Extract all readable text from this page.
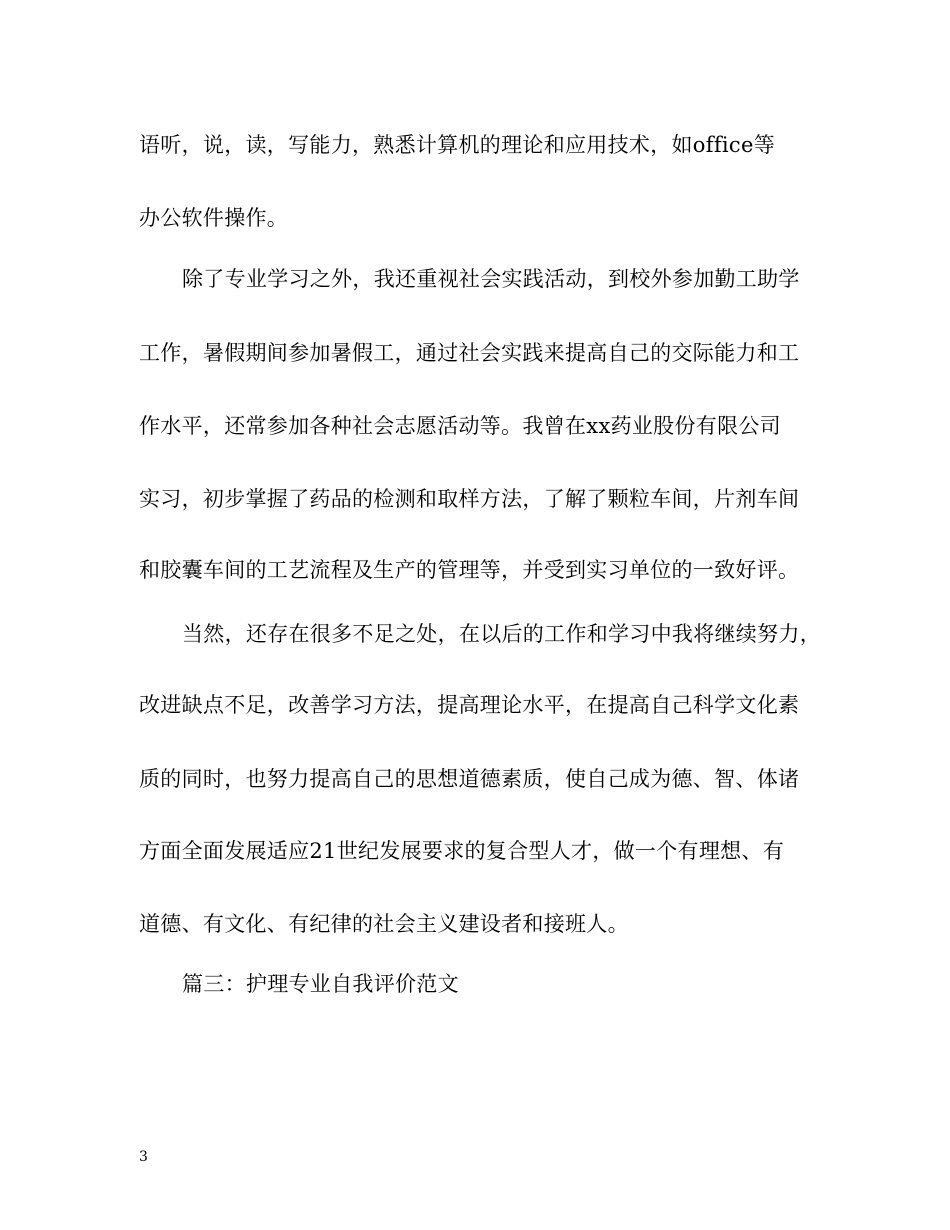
语听，说，读，写能力，熟悉计算机的理论和应用技术，如office等
办公软件操作。
除了专业学习之外，我还重视社会实践活动，到校外参加勤工助学
工作，暑假期间参加暑假工，通过社会实践来提高自己的交际能力和工
作水平，还常参加各种社会志愿活动等。我曾在xx药业股份有限公司
实习，初步掌握了药品的检测和取样方法，了解了颗粒车间，片剂车间
和胶囊车间的工艺流程及生产的管理等，并受到实习单位的一致好评。
当然，还存在很多不足之处，在以后的工作和学习中我将继续努力，
改进缺点不足，改善学习方法，提高理论水平，在提高自己科学文化素
质的同时，也努力提高自己的思想道德素质，使自己成为德、智、体诸
方面全面发展适应21世纪发展要求的复合型人才，做一个有理想、有
道德、有文化、有纪律的社会主义建设者和接班人。
篇三：护理专业自我评价范文
3
